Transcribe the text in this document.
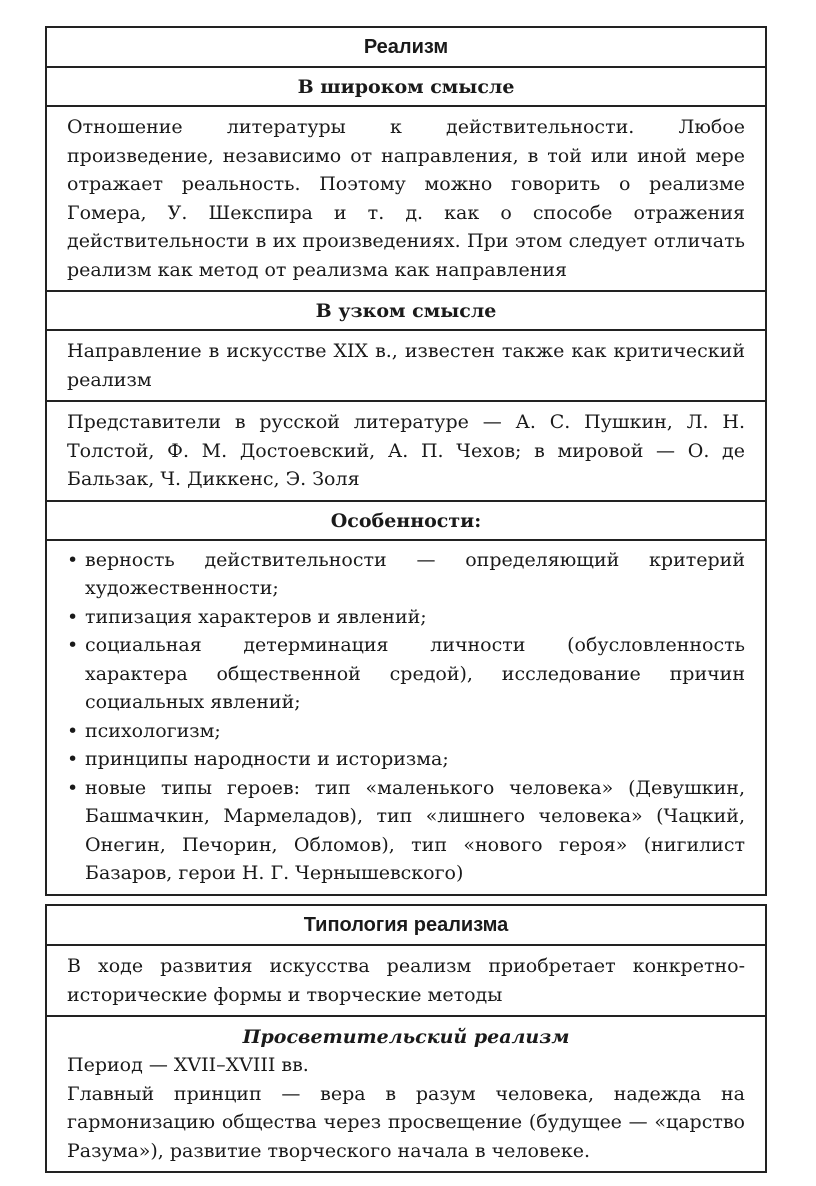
Реализм
В широком смысле
Отношение литературы к действительности. Любое произведение, независимо от направления, в той или иной мере отражает реальность. Поэтому можно говорить о реализме Гомера, У. Шекспира и т. д. как о способе отражения действительности в их произведениях. При этом следует отличать реализм как метод от реализма как направления
В узком смысле
Направление в искусстве XIX в., известен также как критический реализм
Представители в русской литературе — А. С. Пушкин, Л. Н. Толстой, Ф. М. Достоевский, А. П. Чехов; в мировой — О. де Бальзак, Ч. Диккенс, Э. Золя
Особенности:
• верность действительности — определяющий критерий художественности;
• типизация характеров и явлений;
• социальная детерминация личности (обусловленность характера общественной средой), исследование причин социальных явлений;
• психологизм;
• принципы народности и историзма;
• новые типы героев: тип «маленького человека» (Девушкин, Башмачкин, Мармеладов), тип «лишнего человека» (Чацкий, Онегин, Печорин, Обломов), тип «нового героя» (нигилист Базаров, герои Н. Г. Чернышевского)
Типология реализма
В ходе развития искусства реализм приобретает конкретно-исторические формы и творческие методы
Просветительский реализм
Период — XVII–XVIII вв.
Главный принцип — вера в разум человека, надежда на гармонизацию общества через просвещение (будущее — «царство Разума»), развитие творческого начала в человеке.
